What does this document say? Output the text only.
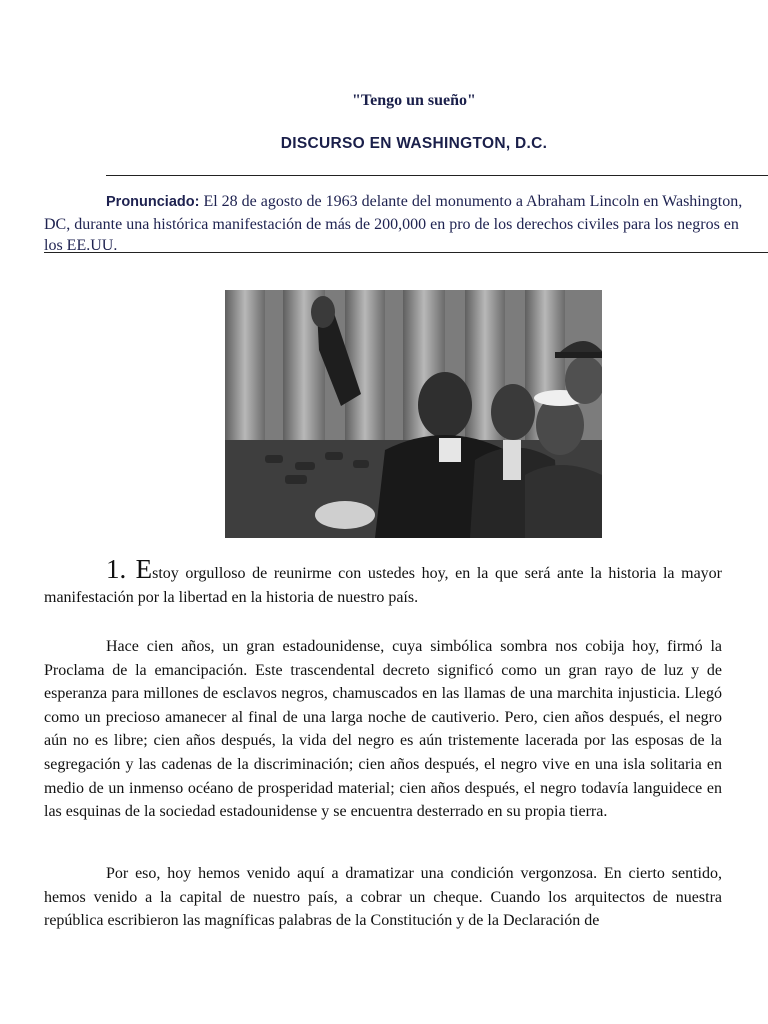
"Tengo un sueño"
DISCURSO EN WASHINGTON, D.C.
Pronunciado: El 28 de agosto de 1963 delante del monumento a Abraham Lincoln en Washington, DC, durante una histórica manifestación de más de 200,000 en pro de los derechos civiles para los negros en los EE.UU.
1. Estoy orgulloso de reunirme con ustedes hoy, en la que será ante la historia la mayor manifestación por la libertad en la historia de nuestro país.
Hace cien años, un gran estadounidense, cuya simbólica sombra nos cobija hoy, firmó la Proclama de la emancipación. Este trascendental decreto significó como un gran rayo de luz y de esperanza para millones de esclavos negros, chamuscados en las llamas de una marchita injusticia. Llegó como un precioso amanecer al final de una larga noche de cautiverio. Pero, cien años después, el negro aún no es libre; cien años después, la vida del negro es aún tristemente lacerada por las esposas de la segregación y las cadenas de la discriminación; cien años después, el negro vive en una isla solitaria en medio de un inmenso océano de prosperidad material; cien años después, el negro todavía languidece en las esquinas de la sociedad estadounidense y se encuentra desterrado en su propia tierra.
Por eso, hoy hemos venido aquí a dramatizar una condición vergonzosa. En cierto sentido, hemos venido a la capital de nuestro país, a cobrar un cheque. Cuando los arquitectos de nuestra república escribieron las magníficas palabras de la Constitución y de la Declaración de
